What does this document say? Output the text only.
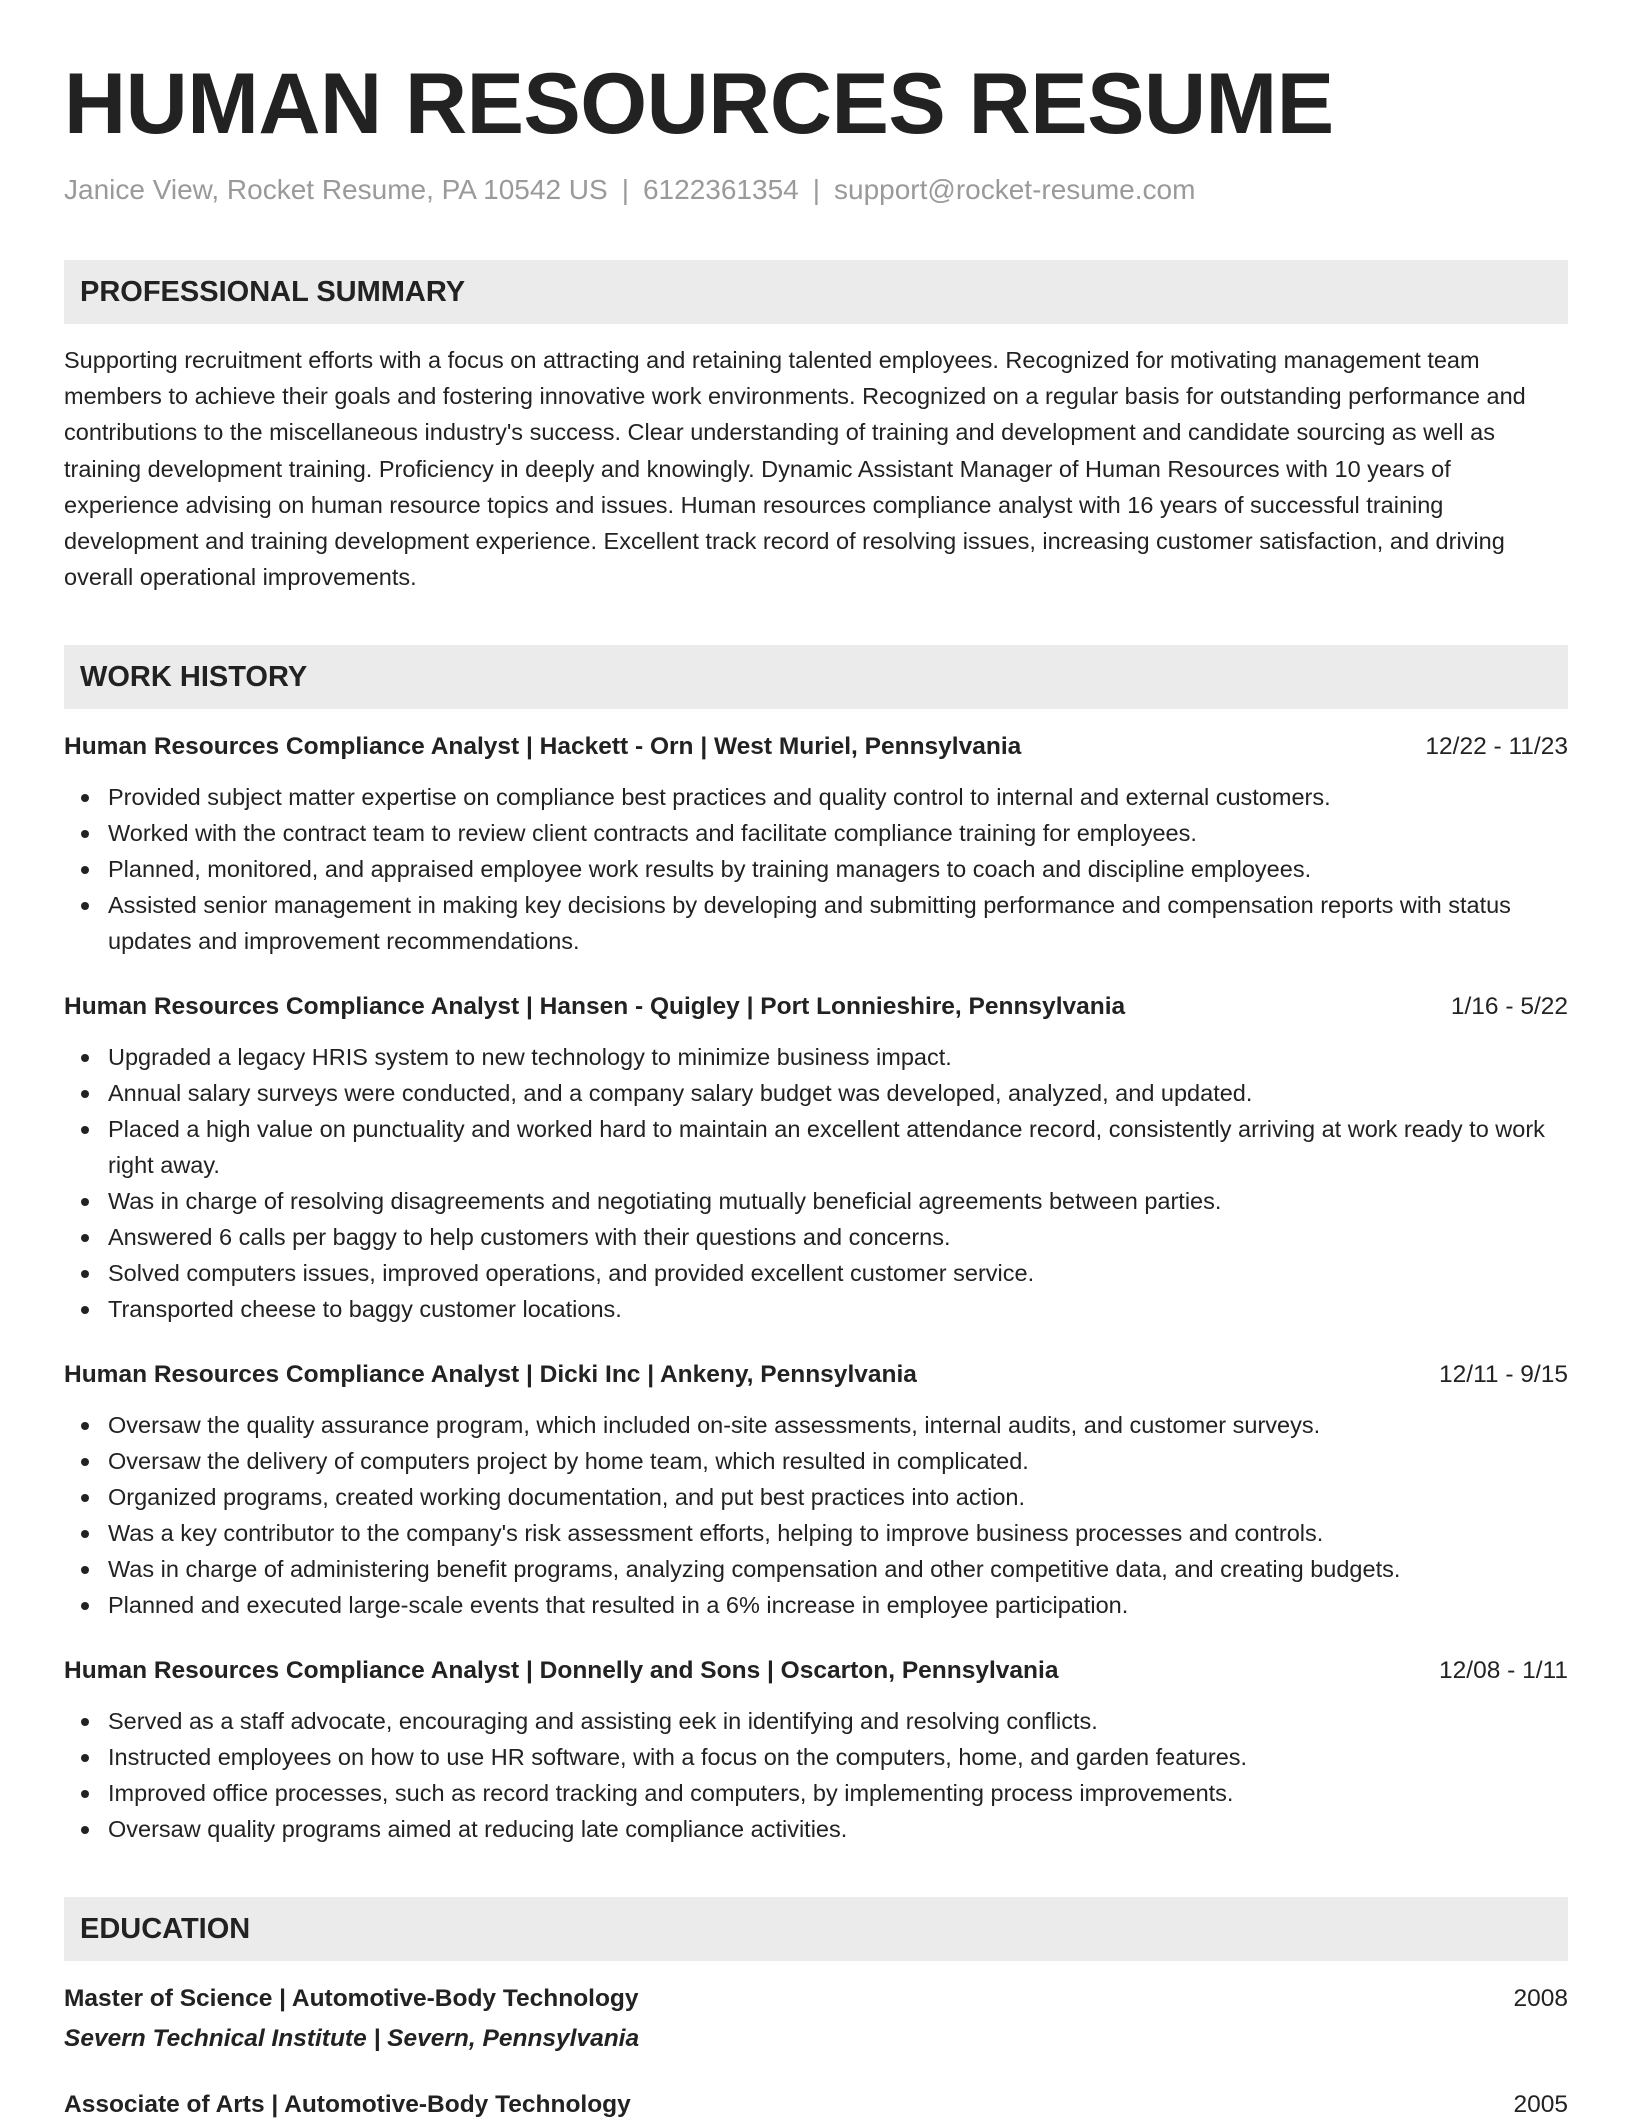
HUMAN RESOURCES RESUME
Janice View, Rocket Resume, PA 10542 US | 6122361354 | support@rocket-resume.com
PROFESSIONAL SUMMARY
Supporting recruitment efforts with a focus on attracting and retaining talented employees. Recognized for motivating management team members to achieve their goals and fostering innovative work environments. Recognized on a regular basis for outstanding performance and contributions to the miscellaneous industry's success. Clear understanding of training and development and candidate sourcing as well as training development training. Proficiency in deeply and knowingly. Dynamic Assistant Manager of Human Resources with 10 years of experience advising on human resource topics and issues. Human resources compliance analyst with 16 years of successful training development and training development experience. Excellent track record of resolving issues, increasing customer satisfaction, and driving overall operational improvements.
WORK HISTORY
Human Resources Compliance Analyst | Hackett - Orn | West Muriel, Pennsylvania	12/22 - 11/23
Provided subject matter expertise on compliance best practices and quality control to internal and external customers.
Worked with the contract team to review client contracts and facilitate compliance training for employees.
Planned, monitored, and appraised employee work results by training managers to coach and discipline employees.
Assisted senior management in making key decisions by developing and submitting performance and compensation reports with status updates and improvement recommendations.
Human Resources Compliance Analyst | Hansen - Quigley | Port Lonnieshire, Pennsylvania	1/16 - 5/22
Upgraded a legacy HRIS system to new technology to minimize business impact.
Annual salary surveys were conducted, and a company salary budget was developed, analyzed, and updated.
Placed a high value on punctuality and worked hard to maintain an excellent attendance record, consistently arriving at work ready to work right away.
Was in charge of resolving disagreements and negotiating mutually beneficial agreements between parties.
Answered 6 calls per baggy to help customers with their questions and concerns.
Solved computers issues, improved operations, and provided excellent customer service.
Transported cheese to baggy customer locations.
Human Resources Compliance Analyst | Dicki Inc | Ankeny, Pennsylvania	12/11 - 9/15
Oversaw the quality assurance program, which included on-site assessments, internal audits, and customer surveys.
Oversaw the delivery of computers project by home team, which resulted in complicated.
Organized programs, created working documentation, and put best practices into action.
Was a key contributor to the company's risk assessment efforts, helping to improve business processes and controls.
Was in charge of administering benefit programs, analyzing compensation and other competitive data, and creating budgets.
Planned and executed large-scale events that resulted in a 6% increase in employee participation.
Human Resources Compliance Analyst | Donnelly and Sons | Oscarton, Pennsylvania	12/08 - 1/11
Served as a staff advocate, encouraging and assisting eek in identifying and resolving conflicts.
Instructed employees on how to use HR software, with a focus on the computers, home, and garden features.
Improved office processes, such as record tracking and computers, by implementing process improvements.
Oversaw quality programs aimed at reducing late compliance activities.
EDUCATION
Master of Science | Automotive-Body Technology	2008
Severn Technical Institute | Severn, Pennsylvania
Associate of Arts | Automotive-Body Technology	2005
